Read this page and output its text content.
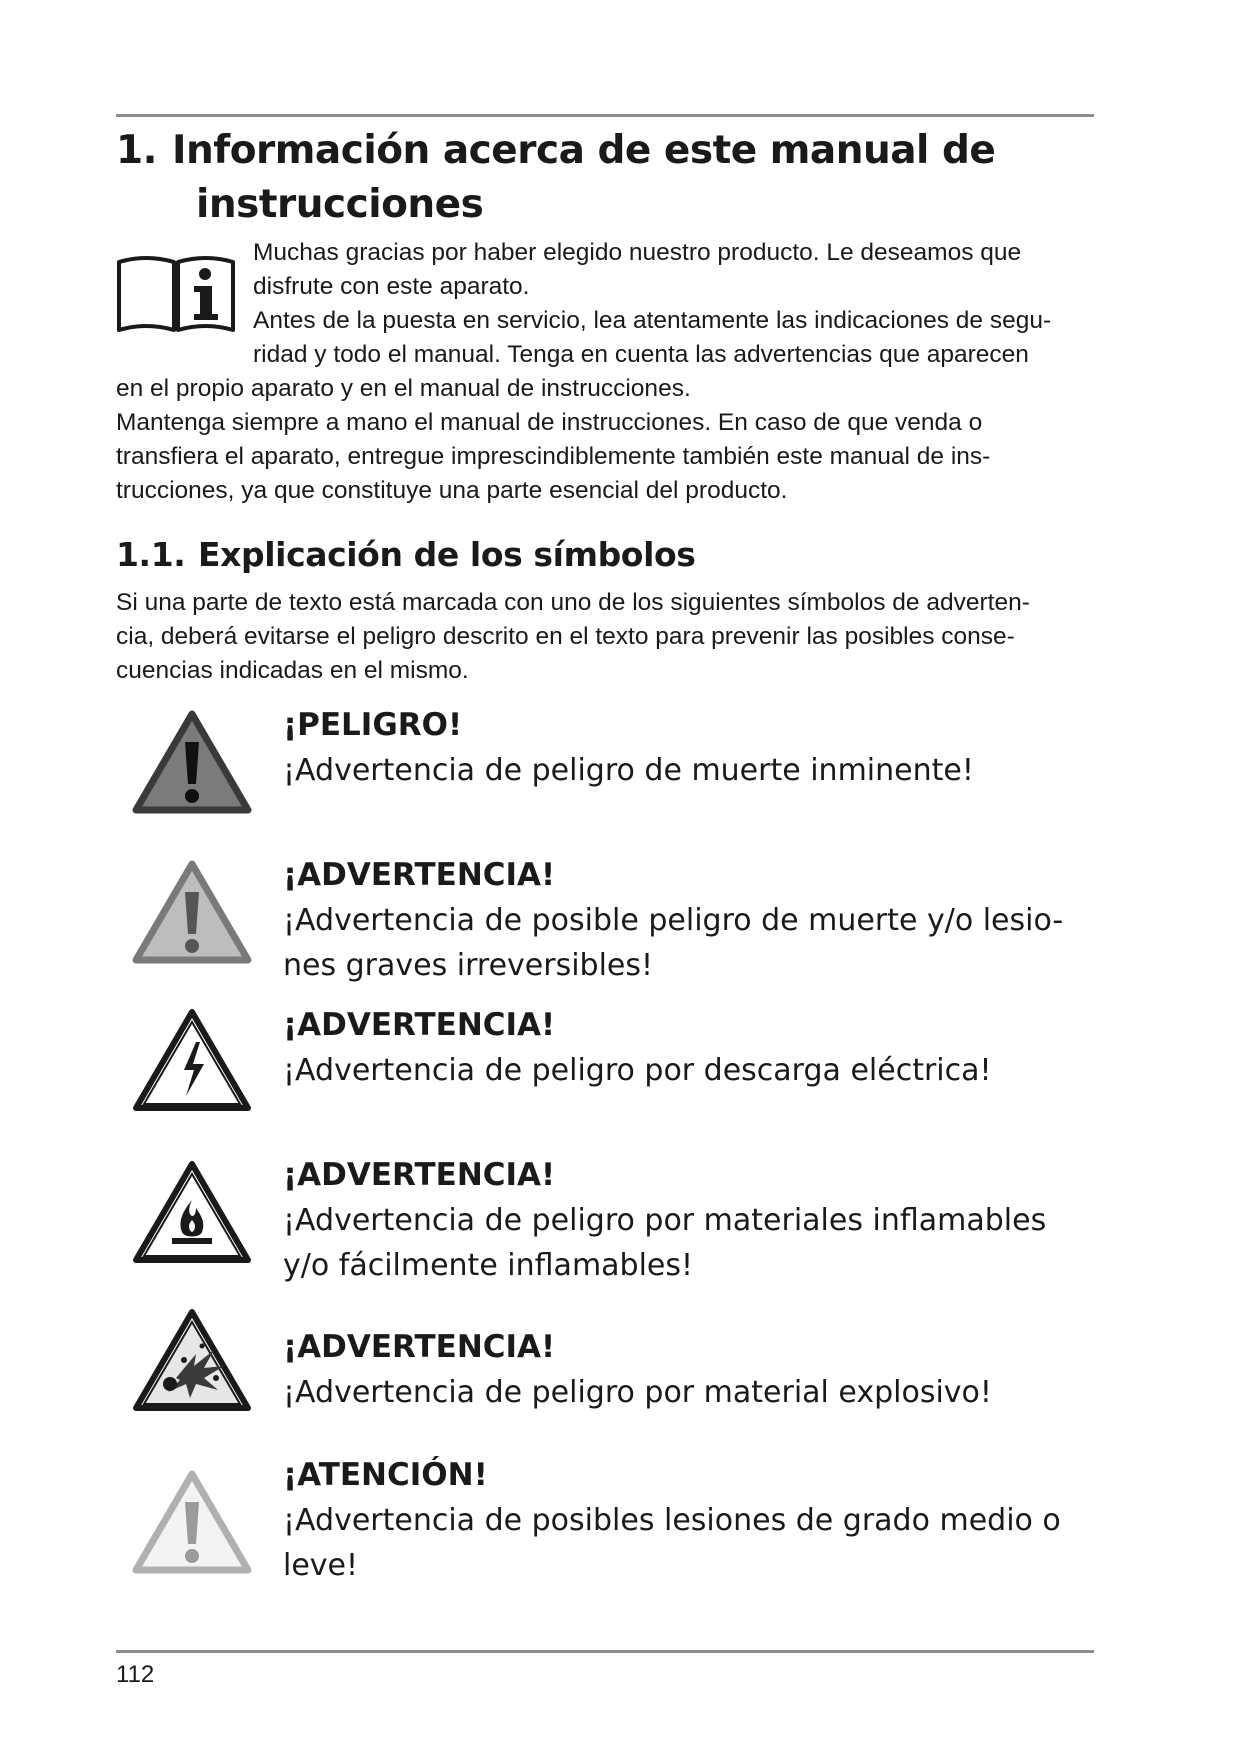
1. Información acerca de este manual de
instrucciones

Muchas gracias por haber elegido nuestro producto. Le deseamos que

disfrute con este aparato.

Antes de la puesta en servicio, lea atentamente las indicaciones de segu-

ridad y todo el manual. Tenga en cuenta las advertencias que aparecen

en el propio aparato y en el manual de instrucciones.

Mantenga siempre a mano el manual de instrucciones. En caso de que venda o

transfiera el aparato, entregue imprescindiblemente también este manual de ins-

trucciones, ya que constituye una parte esencial del producto.

1.1. Explicación de los símbolos

Si una parte de texto está marcada con uno de los siguientes símbolos de adverten-

cia, deberá evitarse el peligro descrito en el texto para prevenir las posibles conse-

cuencias indicadas en el mismo.

¡PELIGRO!

¡Advertencia de peligro de muerte inminente!

¡ADVERTENCIA!

¡Advertencia de posible peligro de muerte y/o lesio-

nes graves irreversibles!

¡ADVERTENCIA!

¡Advertencia de peligro por descarga eléctrica!

¡ADVERTENCIA!

¡Advertencia de peligro por materiales inflamables

y/o fácilmente inflamables!

¡ADVERTENCIA!

¡Advertencia de peligro por material explosivo!

¡ATENCIÓN!

¡Advertencia de posibles lesiones de grado medio o

leve!

112
